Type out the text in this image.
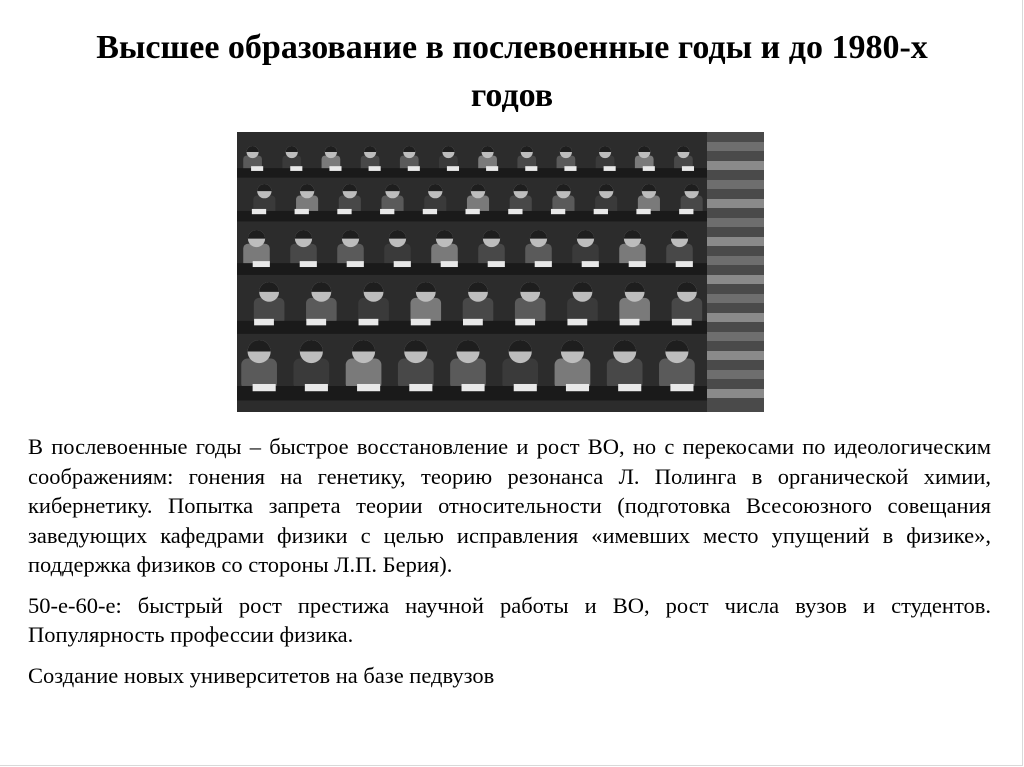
Высшее образование в послевоенные годы и до 1980-х годов

В послевоенные годы – быстрое восстановление и рост ВО, но с перекосами по идеологическим соображениям: гонения на генетику, теорию резонанса Л. Полинга в органической химии, кибернетику. Попытка запрета теории относительности (подготовка Всесоюзного совещания заведующих кафедрами физики с целью исправления «имевших место упущений в физике», поддержка физиков со стороны Л.П. Берия).

50-е-60-е: быстрый рост престижа научной работы и ВО, рост числа вузов и студентов. Популярность профессии физика.

Создание новых университетов на базе педвузов
